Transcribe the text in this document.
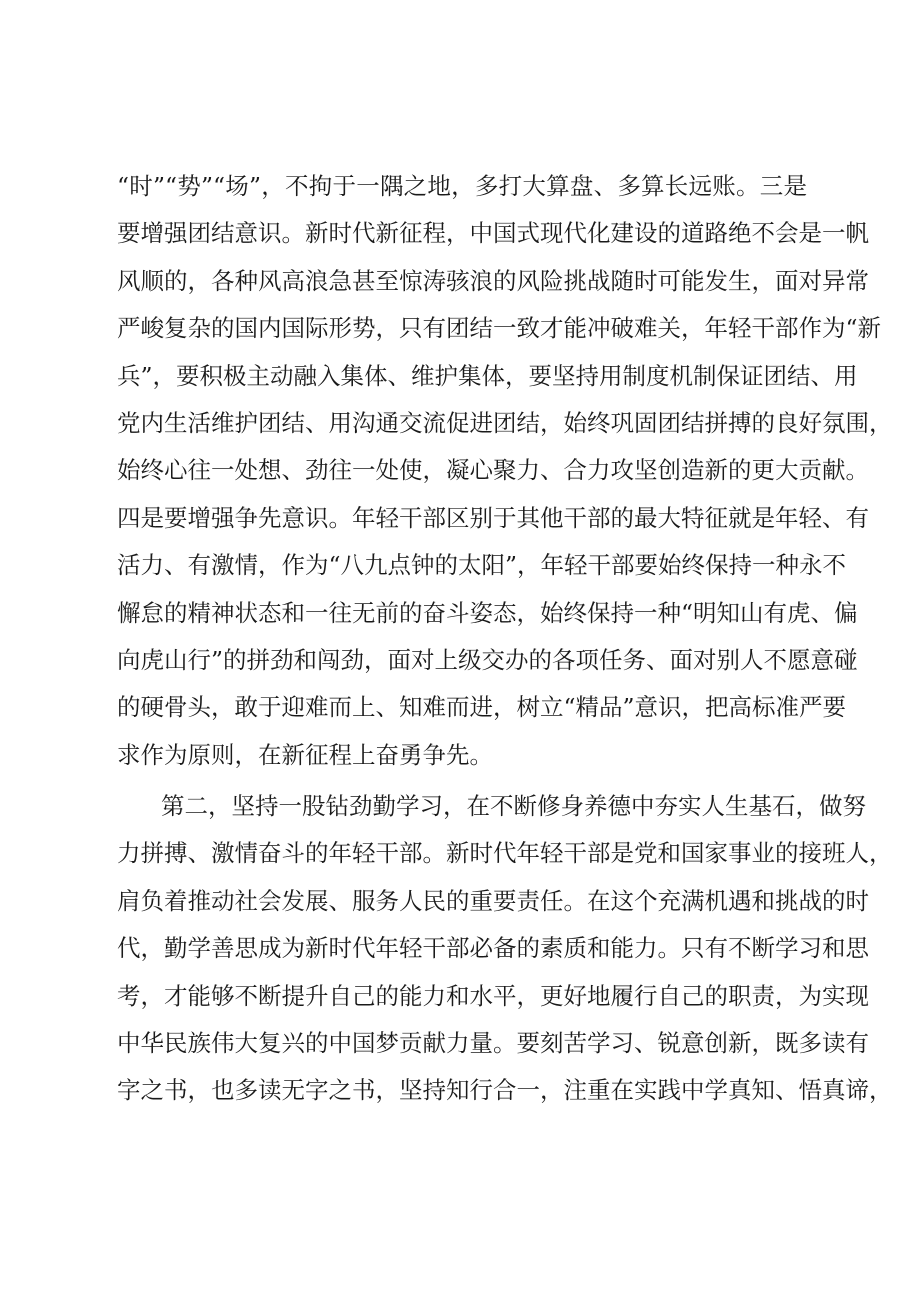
“时”“势”“场”，不拘于一隅之地，多打大算盘、多算长远账。三是
要增强团结意识。新时代新征程，中国式现代化建设的道路绝不会是一帆
风顺的，各种风高浪急甚至惊涛骇浪的风险挑战随时可能发生，面对异常
严峻复杂的国内国际形势，只有团结一致才能冲破难关，年轻干部作为“新
兵”，要积极主动融入集体、维护集体，要坚持用制度机制保证团结、用
党内生活维护团结、用沟通交流促进团结，始终巩固团结拼搏的良好氛围，
始终心往一处想、劲往一处使，凝心聚力、合力攻坚创造新的更大贡献。
四是要增强争先意识。年轻干部区别于其他干部的最大特征就是年轻、有
活力、有激情，作为“八九点钟的太阳”，年轻干部要始终保持一种永不
懈怠的精神状态和一往无前的奋斗姿态，始终保持一种“明知山有虎、偏
向虎山行”的拼劲和闯劲，面对上级交办的各项任务、面对别人不愿意碰
的硬骨头，敢于迎难而上、知难而进，树立“精品”意识，把高标准严要
求作为原则，在新征程上奋勇争先。
第二，坚持一股钻劲勤学习，在不断修身养德中夯实人生基石，做努
力拼搏、激情奋斗的年轻干部。新时代年轻干部是党和国家事业的接班人，
肩负着推动社会发展、服务人民的重要责任。在这个充满机遇和挑战的时
代，勤学善思成为新时代年轻干部必备的素质和能力。只有不断学习和思
考，才能够不断提升自己的能力和水平，更好地履行自己的职责，为实现
中华民族伟大复兴的中国梦贡献力量。要刻苦学习、锐意创新，既多读有
字之书，也多读无字之书，坚持知行合一，注重在实践中学真知、悟真谛，
